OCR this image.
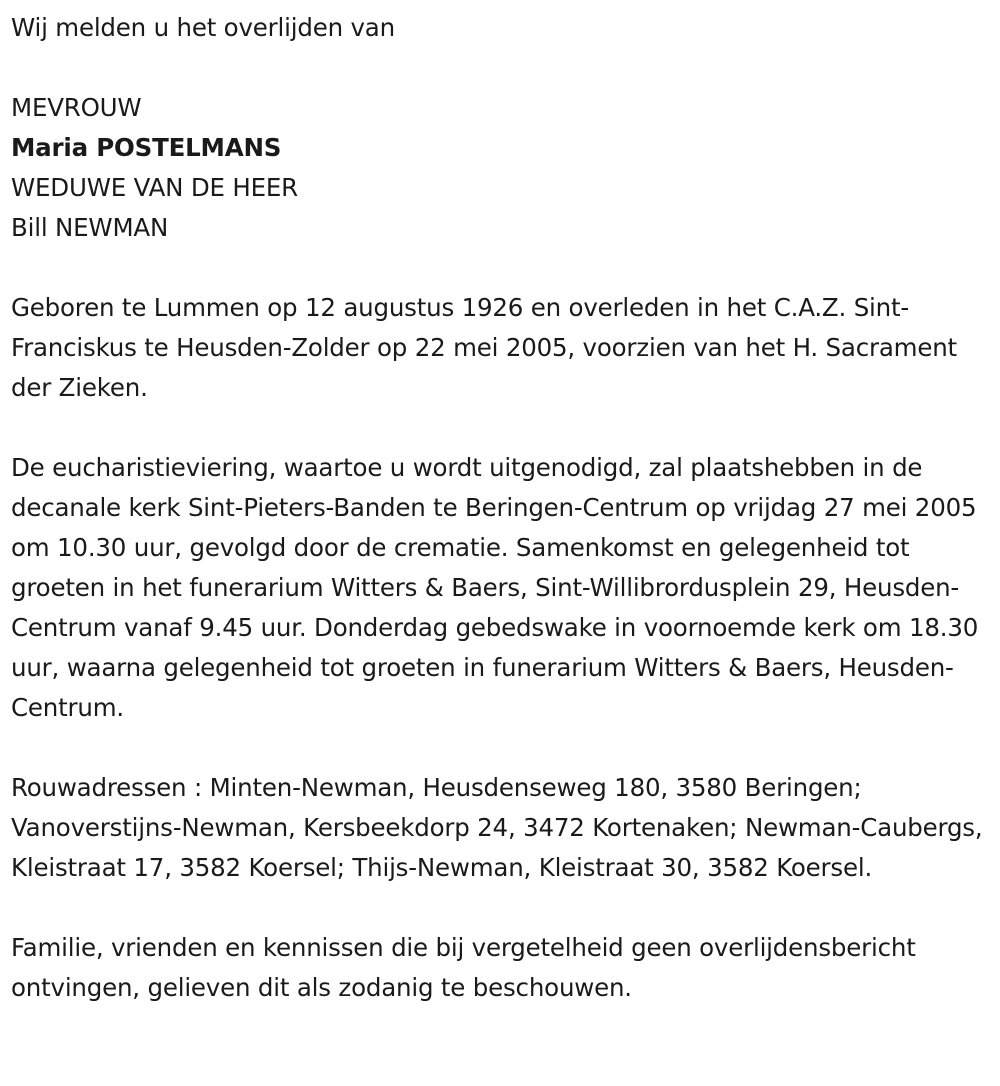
Wij melden u het overlijden van

MEVROUW

Maria POSTELMANS

WEDUWE VAN DE HEER

Bill NEWMAN

Geboren te Lummen op 12 augustus 1926 en overleden in het C.A.Z. Sint-Franciskus te Heusden-Zolder op 22 mei 2005, voorzien van het H. Sacrament der Zieken.

De eucharistieviering, waartoe u wordt uitgenodigd, zal plaatshebben in de decanale kerk Sint-Pieters-Banden te Beringen-Centrum op vrijdag 27 mei 2005 om 10.30 uur, gevolgd door de crematie. Samenkomst en gelegenheid tot groeten in het funerarium Witters & Baers, Sint-Willibrordusplein 29, Heusden-Centrum vanaf 9.45 uur. Donderdag gebedswake in voornoemde kerk om 18.30 uur, waarna gelegenheid tot groeten in funerarium Witters & Baers, Heusden-Centrum.

Rouwadressen : Minten-Newman, Heusdenseweg 180, 3580 Beringen; Vanoverstijns-Newman, Kersbeekdorp 24, 3472 Kortenaken; Newman-Caubergs, Kleistraat 17, 3582 Koersel; Thijs-Newman, Kleistraat 30, 3582 Koersel.

Familie, vrienden en kennissen die bij vergetelheid geen overlijdensbericht ontvingen, gelieven dit als zodanig te beschouwen.
